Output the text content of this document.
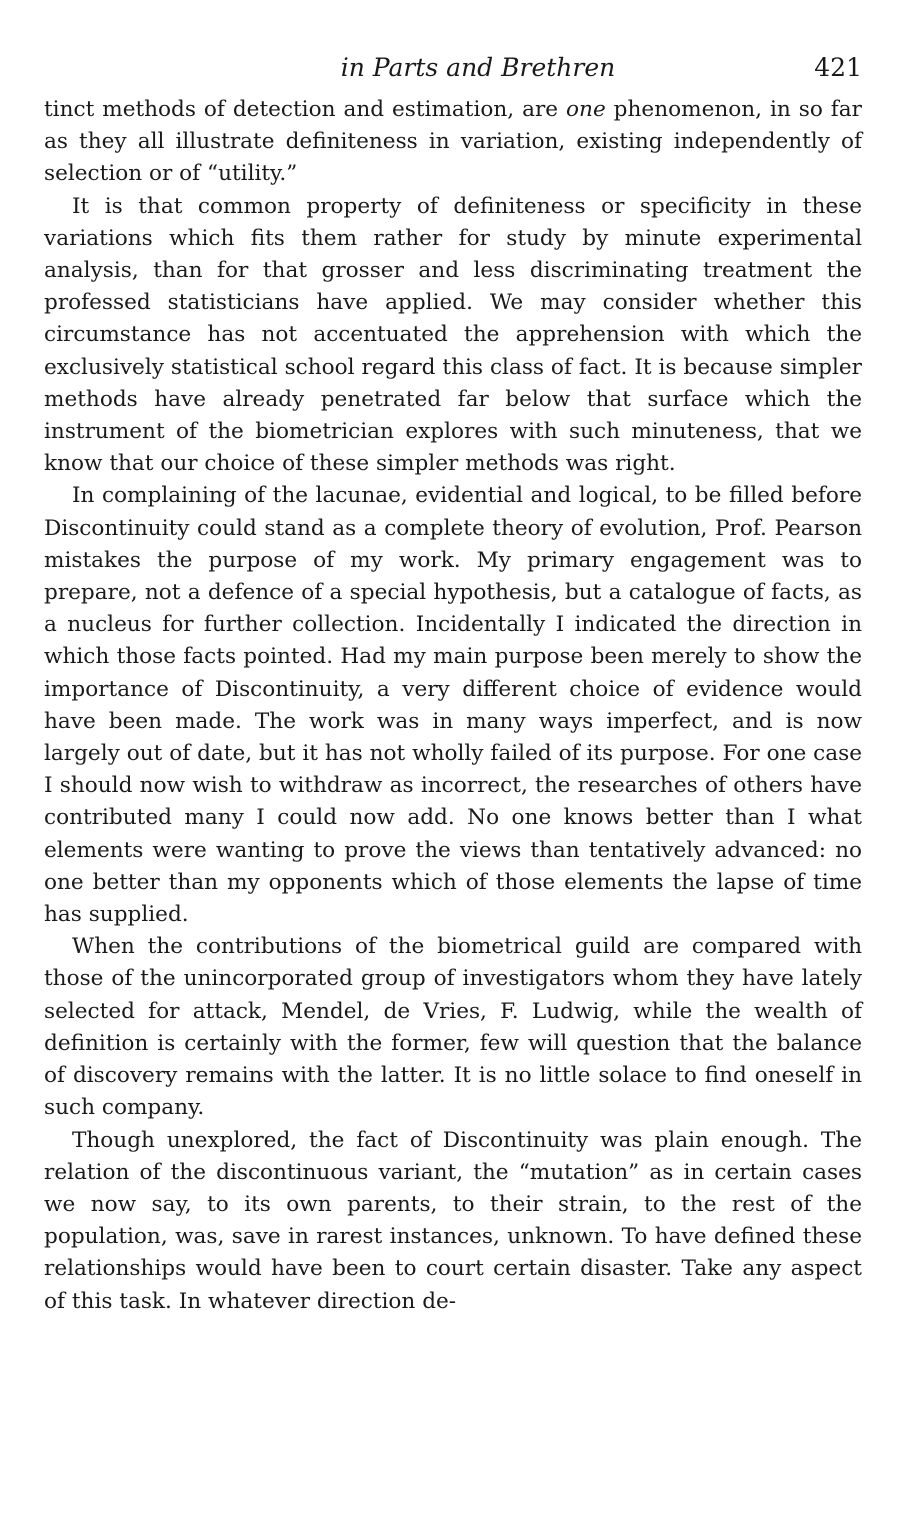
in Parts and Brethren	421

tinct methods of detection and estimation, are one phenomenon, in so far as they all illustrate definiteness in variation, existing independently of selection or of “utility.”

It is that common property of definiteness or specificity in these variations which fits them rather for study by minute experimental analysis, than for that grosser and less discriminating treatment the professed statisticians have applied. We may consider whether this circumstance has not accentuated the apprehension with which the exclusively statistical school regard this class of fact. It is because simpler methods have already penetrated far below that surface which the instrument of the biometrician explores with such minuteness, that we know that our choice of these simpler methods was right.

In complaining of the lacunae, evidential and logical, to be filled before Discontinuity could stand as a complete theory of evolution, Prof. Pearson mistakes the purpose of my work. My primary engagement was to prepare, not a defence of a special hypothesis, but a catalogue of facts, as a nucleus for further collection. Incidentally I indicated the direction in which those facts pointed. Had my main purpose been merely to show the importance of Discontinuity, a very different choice of evidence would have been made. The work was in many ways imperfect, and is now largely out of date, but it has not wholly failed of its purpose. For one case I should now wish to withdraw as incorrect, the researches of others have contributed many I could now add. No one knows better than I what elements were wanting to prove the views than tentatively advanced: no one better than my opponents which of those elements the lapse of time has supplied.

When the contributions of the biometrical guild are compared with those of the unincorporated group of investigators whom they have lately selected for attack, Mendel, de Vries, F. Ludwig, while the wealth of definition is certainly with the former, few will question that the balance of discovery remains with the latter. It is no little solace to find oneself in such company.

Though unexplored, the fact of Discontinuity was plain enough. The relation of the discontinuous variant, the “mutation” as in certain cases we now say, to its own parents, to their strain, to the rest of the population, was, save in rarest instances, unknown. To have defined these relationships would have been to court certain disaster. Take any aspect of this task. In whatever direction de-
